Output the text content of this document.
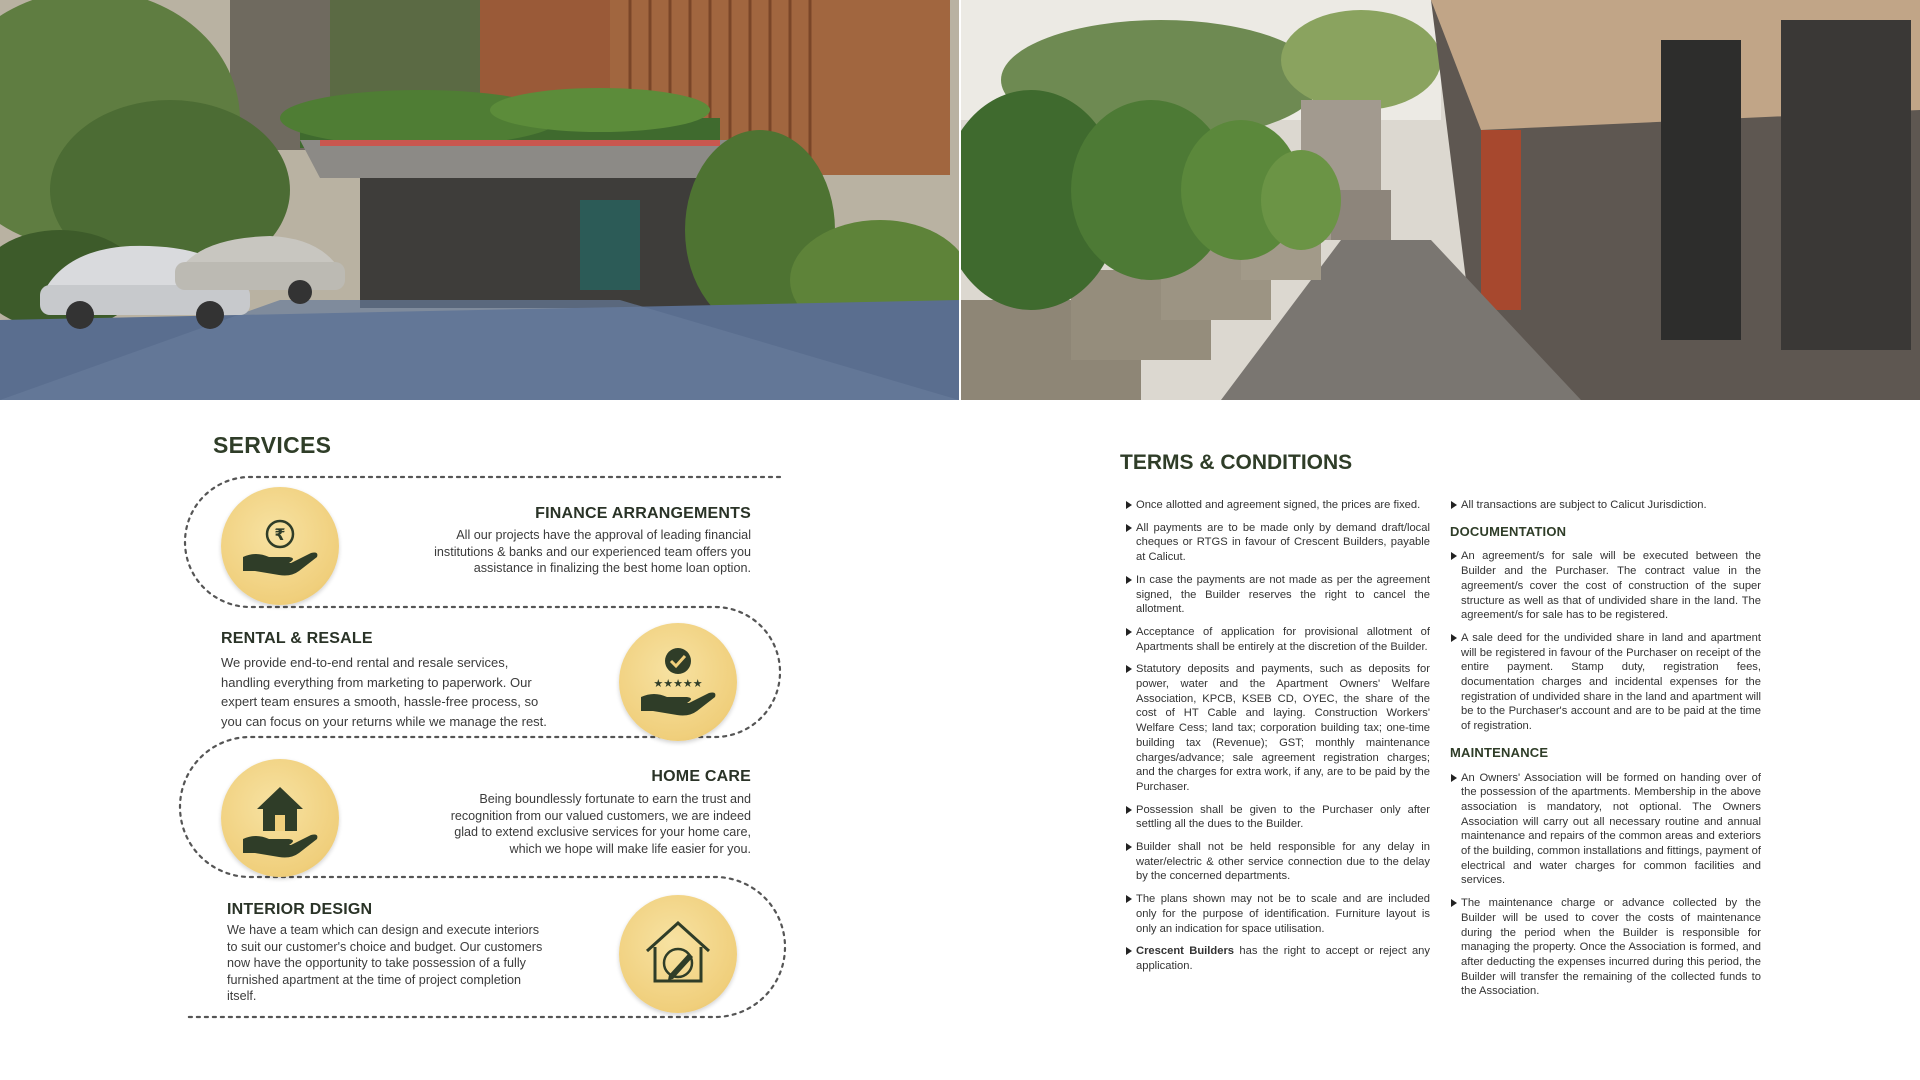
SERVICES
₹
FINANCE ARRANGEMENTS
All our projects have the approval of leading financial
institutions & banks and our experienced team offers you
assistance in finalizing the best home loan option.
RENTAL & RESALE
We provide end-to-end rental and resale services,
handling everything from marketing to paperwork. Our
expert team ensures a smooth, hassle-free process, so
you can focus on your returns while we manage the rest.
★★★★★
HOME CARE
Being boundlessly fortunate to earn the trust and
recognition from our valued customers, we are indeed
glad to extend exclusive services for your home care,
which we hope will make life easier for you.
INTERIOR DESIGN
We have a team which can design and execute interiors
to suit our customer's choice and budget. Our customers
now have the opportunity to take possession of a fully
furnished apartment at the time of project completion
itself.
TERMS & CONDITIONS
Once allotted and agreement signed, the prices are fixed.
All payments are to be made only by demand draft/local cheques or RTGS in favour of Crescent Builders, payable at Calicut.
In case the payments are not made as per the agreement signed, the Builder reserves the right to cancel the allotment.
Acceptance of application for provisional allotment of Apartments shall be entirely at the discretion of the Builder.
Statutory deposits and payments, such as deposits for power, water and the Apartment Owners' Welfare Association, KPCB, KSEB CD, OYEC, the share of the cost of HT Cable and laying. Construction Workers' Welfare Cess; land tax; corporation building tax; one-time building tax (Revenue); GST; monthly maintenance charges/advance; sale agreement registration charges; and the charges for extra work, if any, are to be paid by the Purchaser.
Possession shall be given to the Purchaser only after settling all the dues to the Builder.
Builder shall not be held responsible for any delay in water/electric & other service connection due to the delay by the concerned departments.
The plans shown may not be to scale and are included only for the purpose of identification. Furniture layout is only an indication for space utilisation.
Crescent Builders has the right to accept or reject any application.
All transactions are subject to Calicut Jurisdiction.
DOCUMENTATION
An agreement/s for sale will be executed between the Builder and the Purchaser. The contract value in the agreement/s cover the cost of construction of the super structure as well as that of undivided share in the land. The agreement/s for sale has to be registered.
A sale deed for the undivided share in land and apartment will be registered in favour of the Purchaser on receipt of the entire payment. Stamp duty, registration fees, documentation charges and incidental expenses for the registration of undivided share in the land and apartment will be to the Purchaser's account and are to be paid at the time of registration.
MAINTENANCE
An Owners' Association will be formed on handing over of the possession of the apartments. Membership in the above association is mandatory, not optional. The Owners Association will carry out all necessary routine and annual maintenance and repairs of the common areas and exteriors of the building, common installations and fittings, payment of electrical and water charges for common facilities and services.
The maintenance charge or advance collected by the Builder will be used to cover the costs of maintenance during the period when the Builder is responsible for managing the property. Once the Association is formed, and after deducting the expenses incurred during this period, the Builder will transfer the remaining of the collected funds to the Association.
